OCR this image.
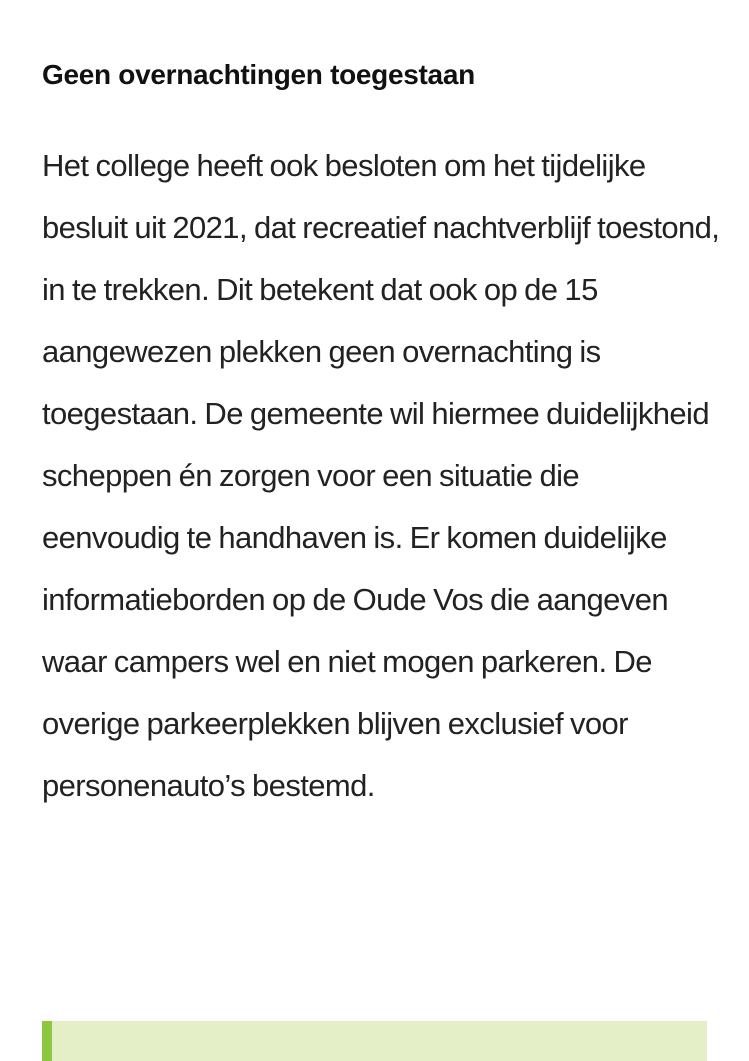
Geen overnachtingen toegestaan

Het college heeft ook besloten om het tijdelijke besluit uit 2021, dat recreatief nachtverblijf toestond, in te trekken. Dit betekent dat ook op de 15 aangewezen plekken geen overnachting is toegestaan. De gemeente wil hiermee duidelijkheid scheppen én zorgen voor een situatie die eenvoudig te handhaven is. Er komen duidelijke informatieborden op de Oude Vos die aangeven waar campers wel en niet mogen parkeren. De overige parkeerplekken blijven exclusief voor personenauto’s bestemd.
